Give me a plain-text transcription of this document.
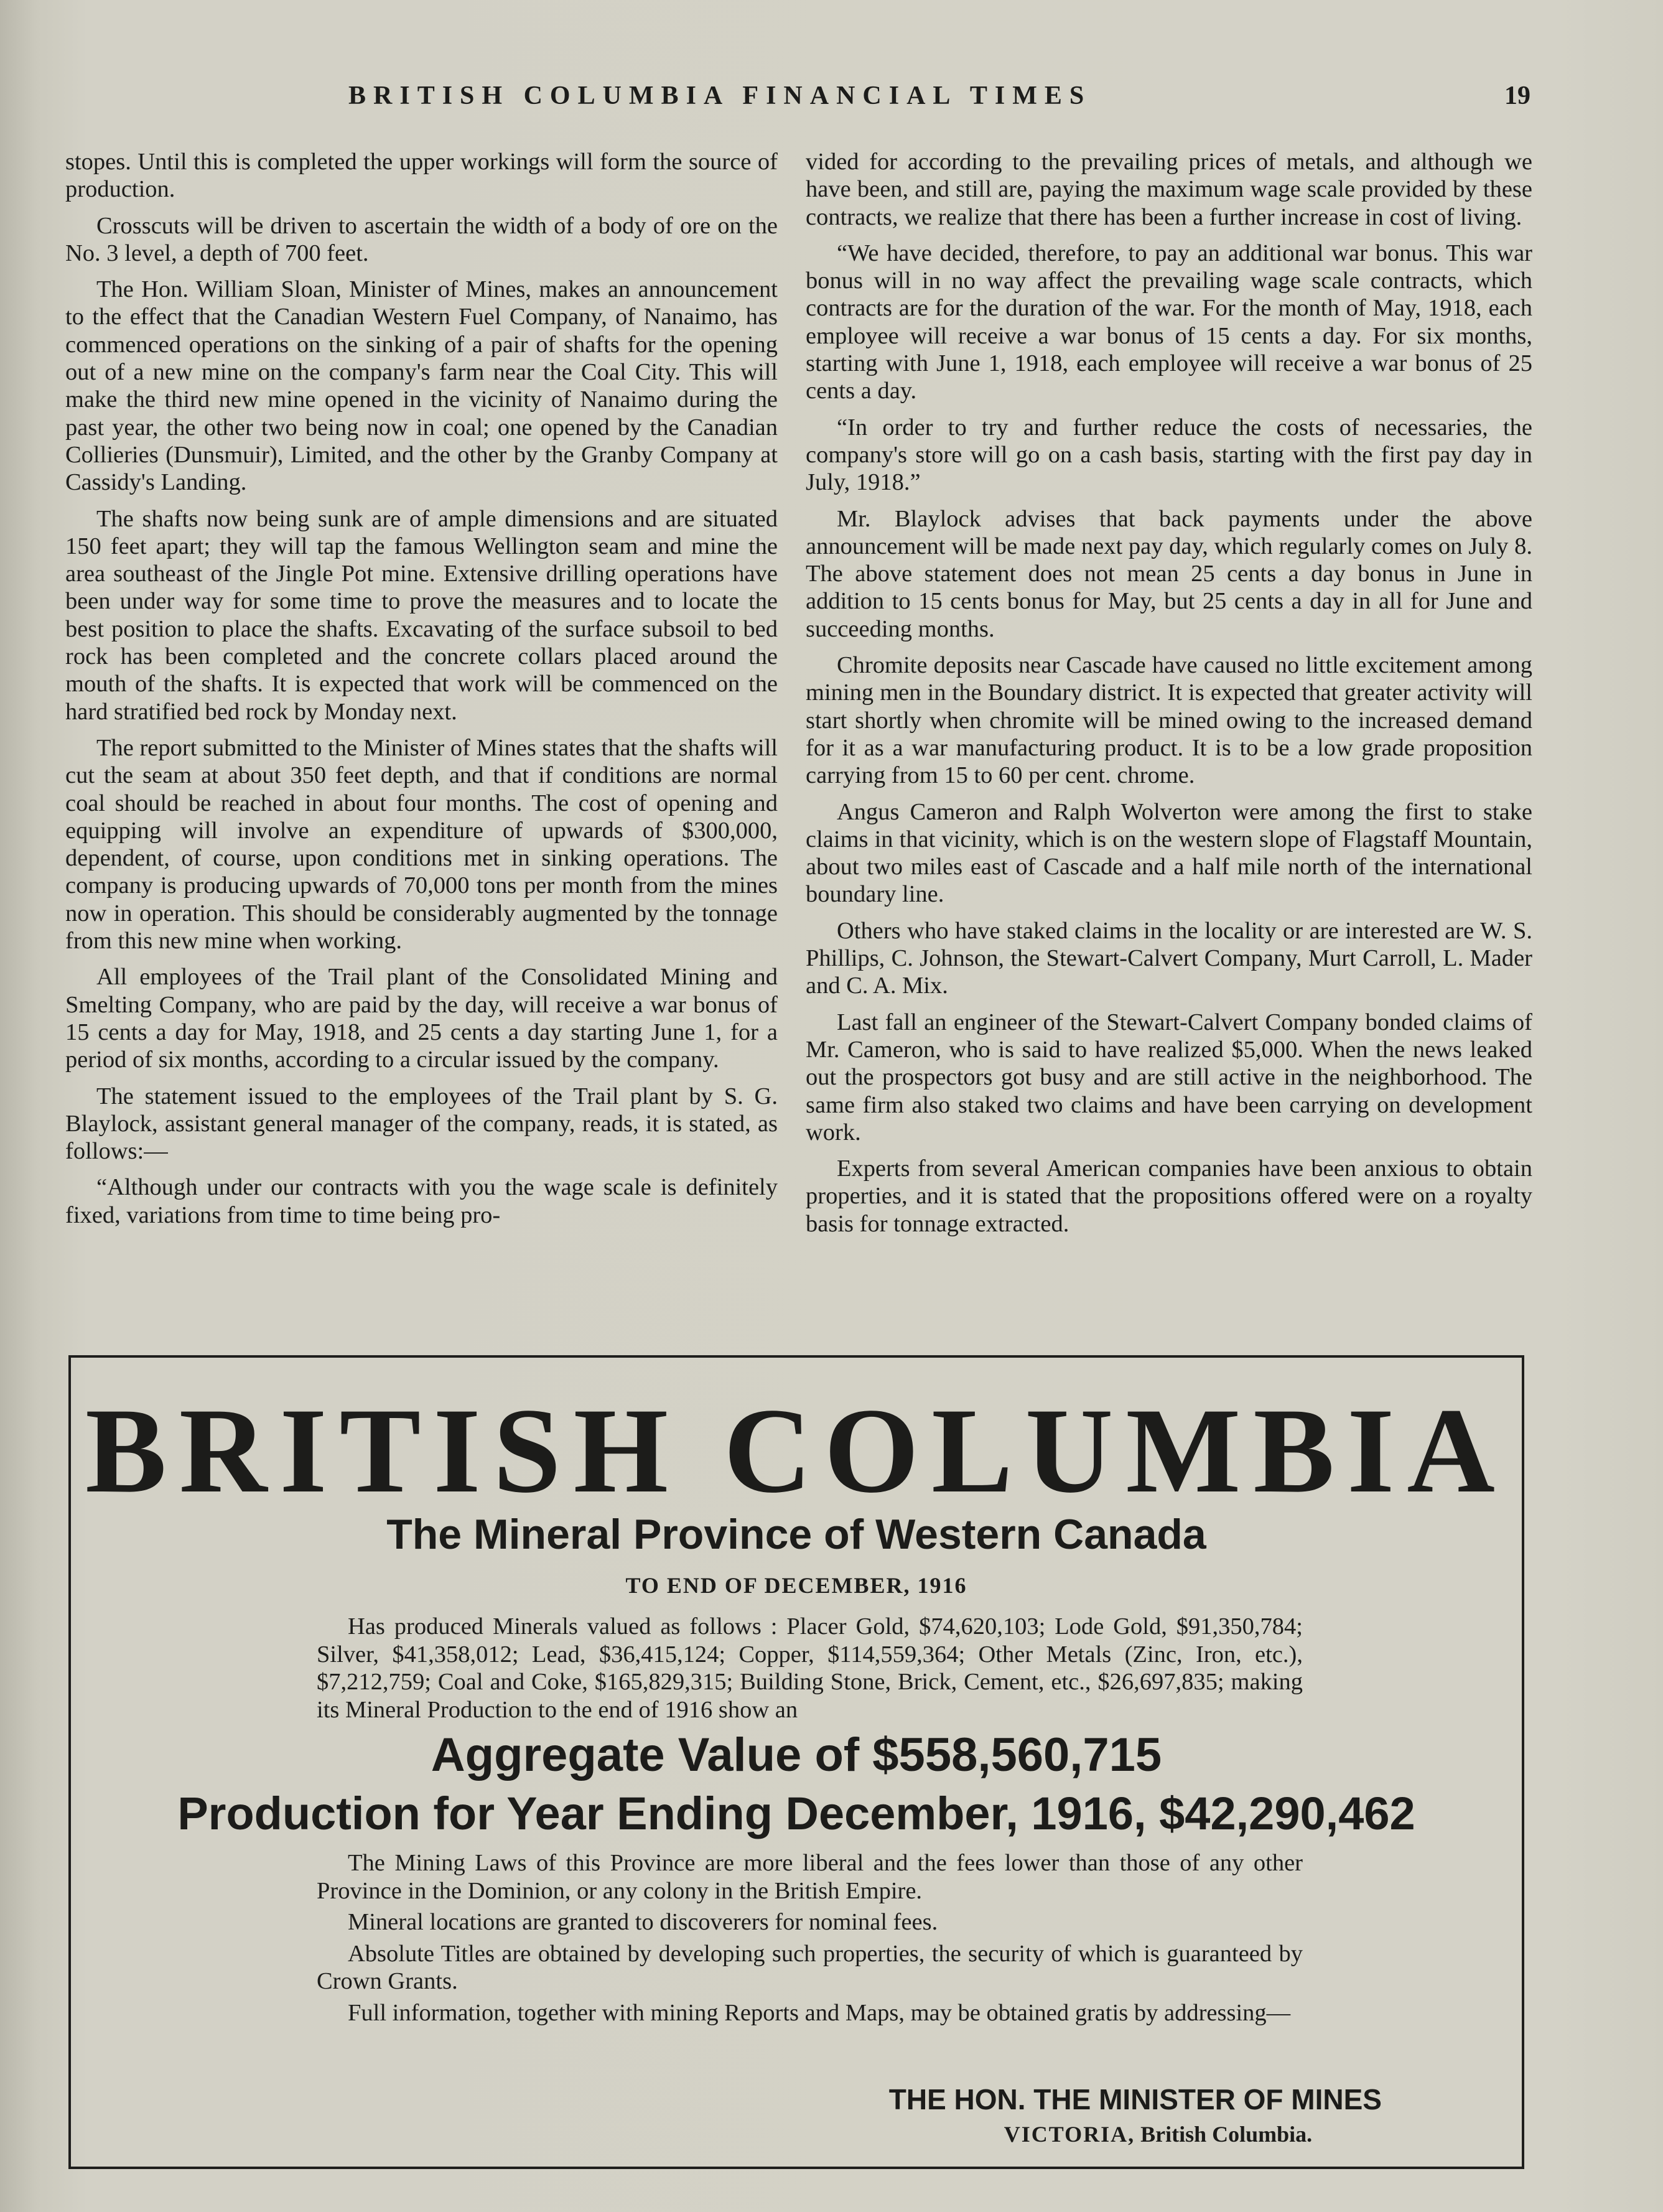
BRITISH COLUMBIA FINANCIAL TIMES	19

stopes. Until this is completed the upper workings will form the source of production.

Crosscuts will be driven to ascertain the width of a body of ore on the No. 3 level, a depth of 700 feet.

The Hon. William Sloan, Minister of Mines, makes an announcement to the effect that the Canadian Western Fuel Company, of Nanaimo, has commenced operations on the sinking of a pair of shafts for the opening out of a new mine on the company's farm near the Coal City. This will make the third new mine opened in the vicinity of Nanaimo during the past year, the other two being now in coal; one opened by the Canadian Collieries (Dunsmuir), Limited, and the other by the Granby Company at Cassidy's Landing.

The shafts now being sunk are of ample dimensions and are situated 150 feet apart; they will tap the famous Wellington seam and mine the area southeast of the Jingle Pot mine. Extensive drilling operations have been under way for some time to prove the measures and to locate the best position to place the shafts. Excavating of the surface subsoil to bed rock has been completed and the concrete collars placed around the mouth of the shafts. It is expected that work will be commenced on the hard stratified bed rock by Monday next.

The report submitted to the Minister of Mines states that the shafts will cut the seam at about 350 feet depth, and that if conditions are normal coal should be reached in about four months. The cost of opening and equipping will involve an expenditure of upwards of $300,000, dependent, of course, upon conditions met in sinking operations. The company is producing upwards of 70,000 tons per month from the mines now in operation. This should be considerably augmented by the tonnage from this new mine when working.

All employees of the Trail plant of the Consolidated Mining and Smelting Company, who are paid by the day, will receive a war bonus of 15 cents a day for May, 1918, and 25 cents a day starting June 1, for a period of six months, according to a circular issued by the company.

The statement issued to the employees of the Trail plant by S. G. Blaylock, assistant general manager of the company, reads, it is stated, as follows:—

“Although under our contracts with you the wage scale is definitely fixed, variations from time to time being pro-

vided for according to the prevailing prices of metals, and although we have been, and still are, paying the maximum wage scale provided by these contracts, we realize that there has been a further increase in cost of living.

“We have decided, therefore, to pay an additional war bonus. This war bonus will in no way affect the prevailing wage scale contracts, which contracts are for the duration of the war. For the month of May, 1918, each employee will receive a war bonus of 15 cents a day. For six months, starting with June 1, 1918, each employee will receive a war bonus of 25 cents a day.

“In order to try and further reduce the costs of necessaries, the company's store will go on a cash basis, starting with the first pay day in July, 1918.”

Mr. Blaylock advises that back payments under the above announcement will be made next pay day, which regularly comes on July 8. The above statement does not mean 25 cents a day bonus in June in addition to 15 cents bonus for May, but 25 cents a day in all for June and succeeding months.

Chromite deposits near Cascade have caused no little excitement among mining men in the Boundary district. It is expected that greater activity will start shortly when chromite will be mined owing to the increased demand for it as a war manufacturing product. It is to be a low grade proposition carrying from 15 to 60 per cent. chrome.

Angus Cameron and Ralph Wolverton were among the first to stake claims in that vicinity, which is on the western slope of Flagstaff Mountain, about two miles east of Cascade and a half mile north of the international boundary line.

Others who have staked claims in the locality or are interested are W. S. Phillips, C. Johnson, the Stewart-Calvert Company, Murt Carroll, L. Mader and C. A. Mix.

Last fall an engineer of the Stewart-Calvert Company bonded claims of Mr. Cameron, who is said to have realized $5,000. When the news leaked out the prospectors got busy and are still active in the neighborhood. The same firm also staked two claims and have been carrying on development work.

Experts from several American companies have been anxious to obtain properties, and it is stated that the propositions offered were on a royalty basis for tonnage extracted.

BRITISH COLUMBIA
The Mineral Province of Western Canada
TO END OF DECEMBER, 1916

Has produced Minerals valued as follows : Placer Gold, $74,620,103; Lode Gold, $91,350,784; Silver, $41,358,012; Lead, $36,415,124; Copper, $114,559,364; Other Metals (Zinc, Iron, etc.), $7,212,759; Coal and Coke, $165,829,315; Building Stone, Brick, Cement, etc., $26,697,835; making its Mineral Production to the end of 1916 show an

Aggregate Value of $558,560,715
Production for Year Ending December, 1916, $42,290,462

The Mining Laws of this Province are more liberal and the fees lower than those of any other Province in the Dominion, or any colony in the British Empire.

Mineral locations are granted to discoverers for nominal fees.

Absolute Titles are obtained by developing such properties, the security of which is guaranteed by Crown Grants.

Full information, together with mining Reports and Maps, may be obtained gratis by addressing—

THE HON. THE MINISTER OF MINES
VICTORIA, British Columbia.
